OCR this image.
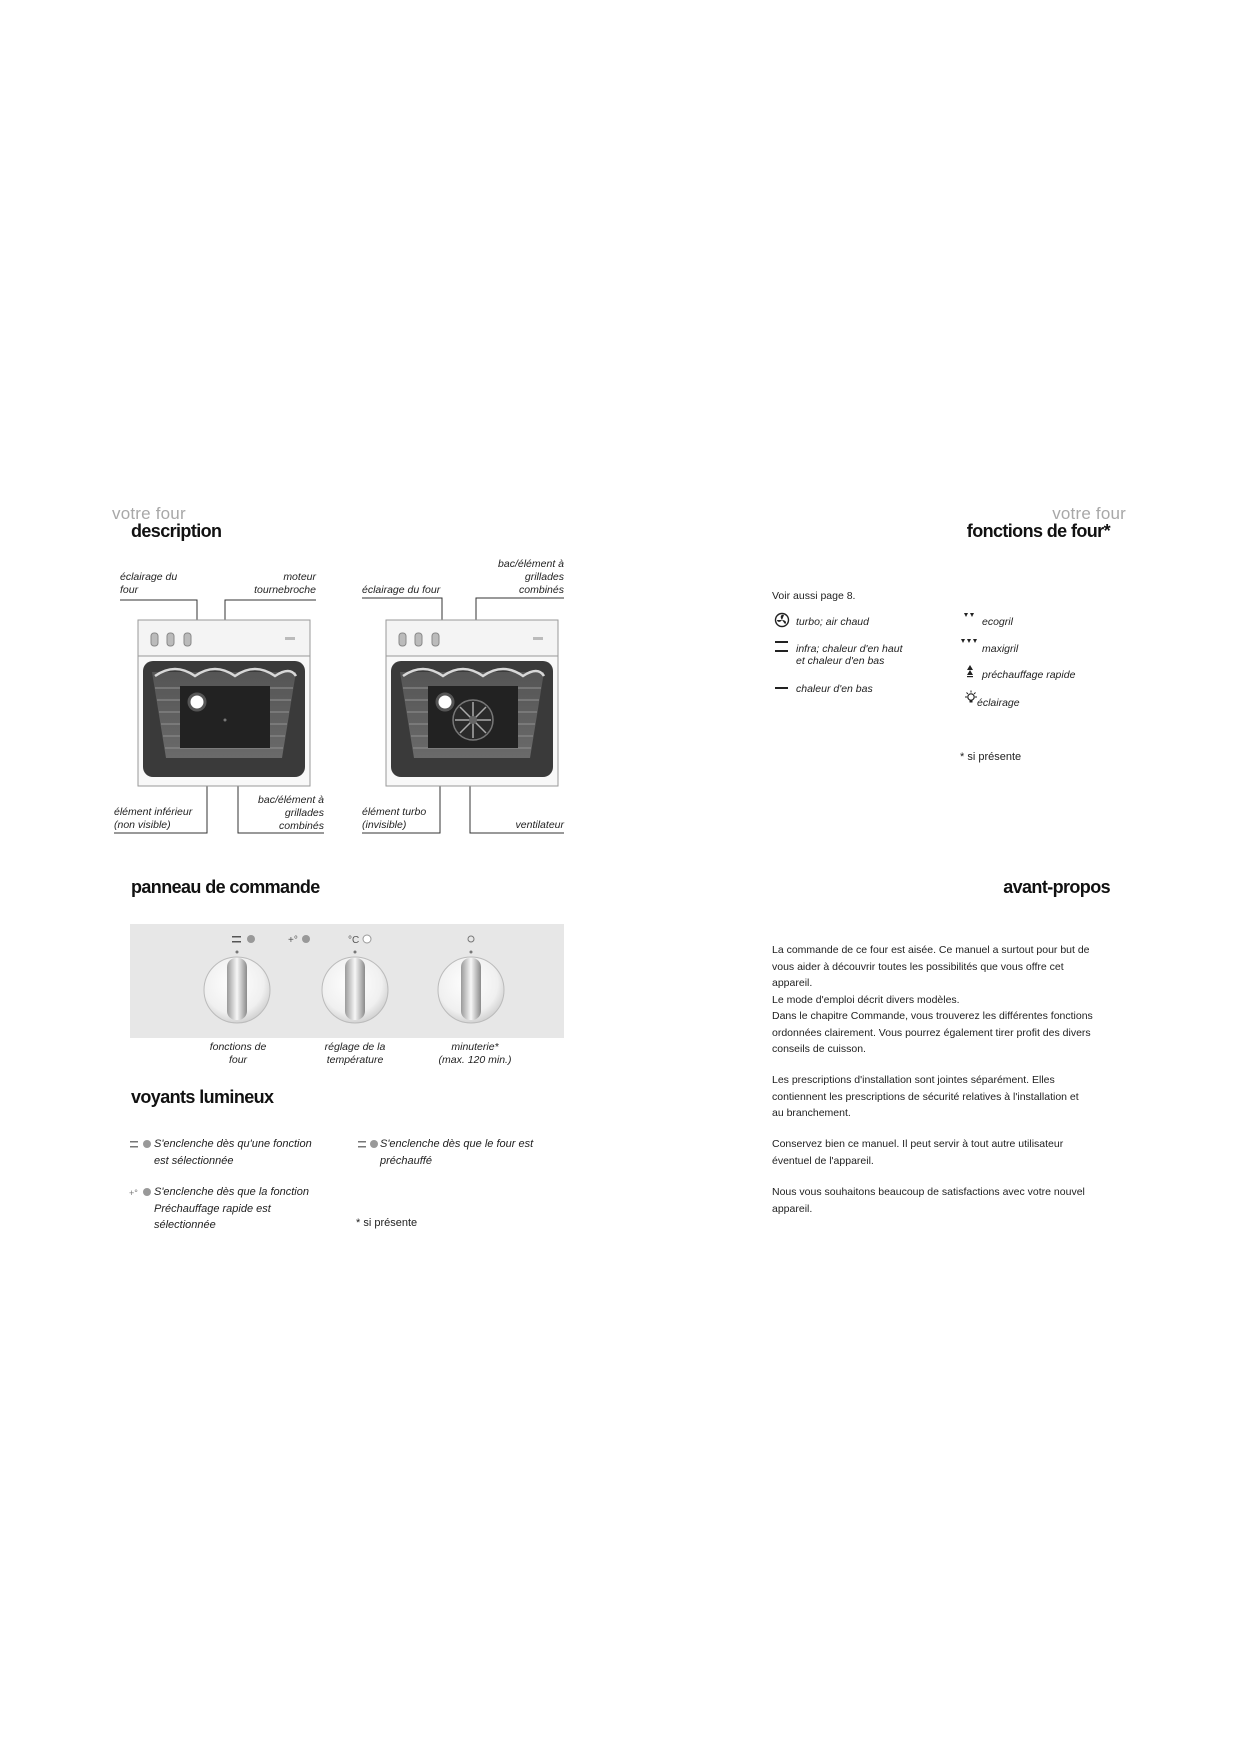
votre four
description
éclairage du
four
moteur
tournebroche
élément inférieur
(non visible)
bac/élément à
grillades
combinés
éclairage du four
bac/élément à
grillades
combinés
élément turbo
(invisible)	ventilateur
panneau de commande
+°	°C
fonctions de
four
réglage de la
température
minuterie*
(max. 120 min.)
voyants lumineux
S'enclenche dès qu'une fonction
est sélectionnée
S'enclenche dès que le four est
préchauffé
+° S'enclenche dès que la fonction
Préchauffage rapide est
sélectionnée	* si présente
votre four
fonctions de four*
Voir aussi page 8.
turbo; air chaud
infra; chaleur d'en haut
et chaleur d'en bas
chaleur d'en bas
ecogril
maxigril
préchauffage rapide
éclairage
* si présente
avant-propos
La commande de ce four est aisée. Ce manuel a surtout pour but de
vous aider à découvrir toutes les possibilités que vous offre cet
appareil.
Le mode d'emploi décrit divers modèles.
Dans le chapitre Commande, vous trouverez les différentes fonctions
ordonnées clairement. Vous pourrez également tirer profit des divers
conseils de cuisson.
Les prescriptions d'installation sont jointes séparément. Elles
contiennent les prescriptions de sécurité relatives à l'installation et
au branchement.
Conservez bien ce manuel. Il peut servir à tout autre utilisateur
éventuel de l'appareil.
Nous vous souhaitons beaucoup de satisfactions avec votre nouvel
appareil.
